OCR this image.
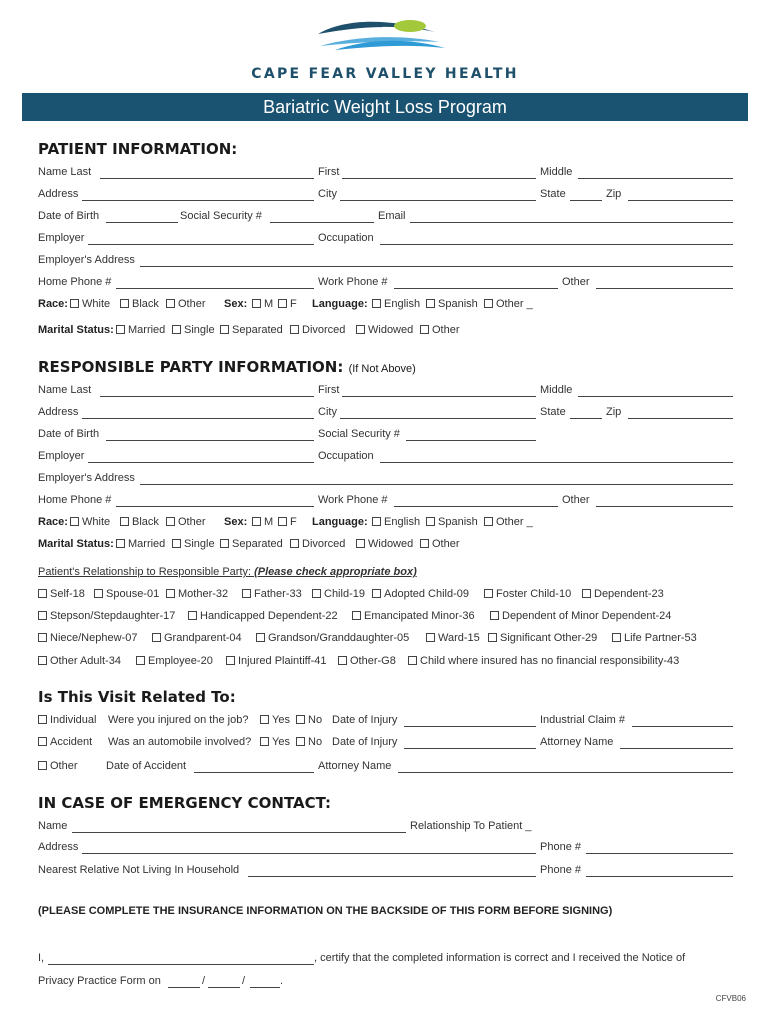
CAPE FEAR VALLEY HEALTH
Bariatric Weight Loss Program
PATIENT INFORMATION:
Name Last	First	Middle
Address	City	State	Zip
Date of Birth	Social Security #	Email
Employer	Occupation
Employer's Address
Home Phone #	Work Phone #	Other
Race:	White	Black	Other Sex:	M	F Language:	English	Spanish	Other _
Marital Status:	Married	Single	Separated	Divorced	Widowed	Other
RESPONSIBLE PARTY INFORMATION: (If Not Above)
Name Last	First	Middle
Address	City	State	Zip
Date of Birth	Social Security #
Employer	Occupation
Employer's Address
Home Phone #	Work Phone #	Other
Race:	White	Black	Other Sex:	M	F Language:	English	Spanish	Other _
Marital Status:	Married	Single	Separated	Divorced	Widowed	Other
Patient's Relationship to Responsible Party: (Please check appropriate box)
Self-18	Spouse-01	Mother-32	Father-33	Child-19	Adopted Child-09	Foster Child-10	Dependent-23
Stepson/Stepdaughter-17	Handicapped Dependent-22	Emancipated Minor-36	Dependent of Minor Dependent-24
Niece/Nephew-07	Grandparent-04	Grandson/Granddaughter-05	Ward-15	Significant Other-29	Life Partner-53
Other Adult-34	Employee-20	Injured Plaintiff-41	Other-G8	Child where insured has no financial responsibility-43
Is This Visit Related To:
Individual Were you injured on the job?	Yes	No Date of Injury	Industrial Claim #
Accident Was an automobile involved?	Yes	No Date of Injury	Attorney Name
Other	Date of Accident	Attorney Name
IN CASE OF EMERGENCY CONTACT:
Name	Relationship To Patient _
Address	Phone #
Nearest Relative Not Living In Household	Phone #
(PLEASE COMPLETE THE INSURANCE INFORMATION ON THE BACKSIDE OF THIS FORM BEFORE SIGNING)
I,	, certify that the completed information is correct and I received the Notice of
Privacy Practice Form on	/	/	.
CFVB06
